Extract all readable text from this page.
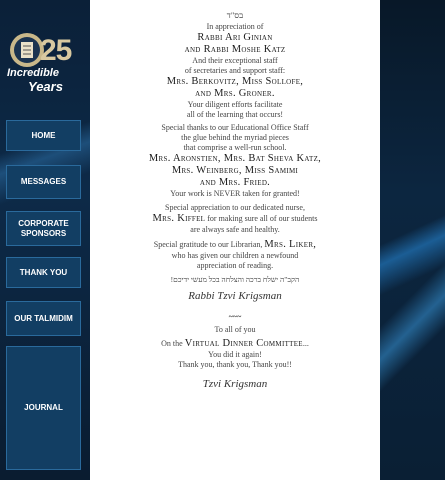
25
Incredible
Years
HOME
MESSAGES
CORPORATE SPONSORS
THANK YOU
OUR TALMIDIM
JOURNAL

בס"ד

In appreciation of

Rabbi Ari Ginian

and Rabbi Moshe Katz

And their exceptional staff

of secretaries and support staff:

Mrs. Berkovitz, Miss Sollofe,

and Mrs. Groner.

Your diligent efforts facilitate

all of the learning that occurs!

Special thanks to our Educational Office Staff

the glue behind the myriad pieces

that comprise a well-run school.

Mrs. Aronstien, Mrs. Bat Sheva Katz,

Mrs. Weinberg, Miss Samimi

and Mrs. Fried.

Your work is NEVER taken for granted!

Special appreciation to our dedicated nurse,

Mrs. Kiffel for making sure all of our students

are always safe and healthy.

Special gratitude to our Librarian, Mrs. Liker,

who has given our children a newfound

appreciation of reading.

הקב"ה ישלח ברכה והצלחה בכל מעשי ידיכם!

Rabbi Tzvi Krigsman

~~~

To all of you

On the Virtual Dinner Committee...

You did it again!

Thank you, thank you, Thank you!!

Tzvi Krigsman
